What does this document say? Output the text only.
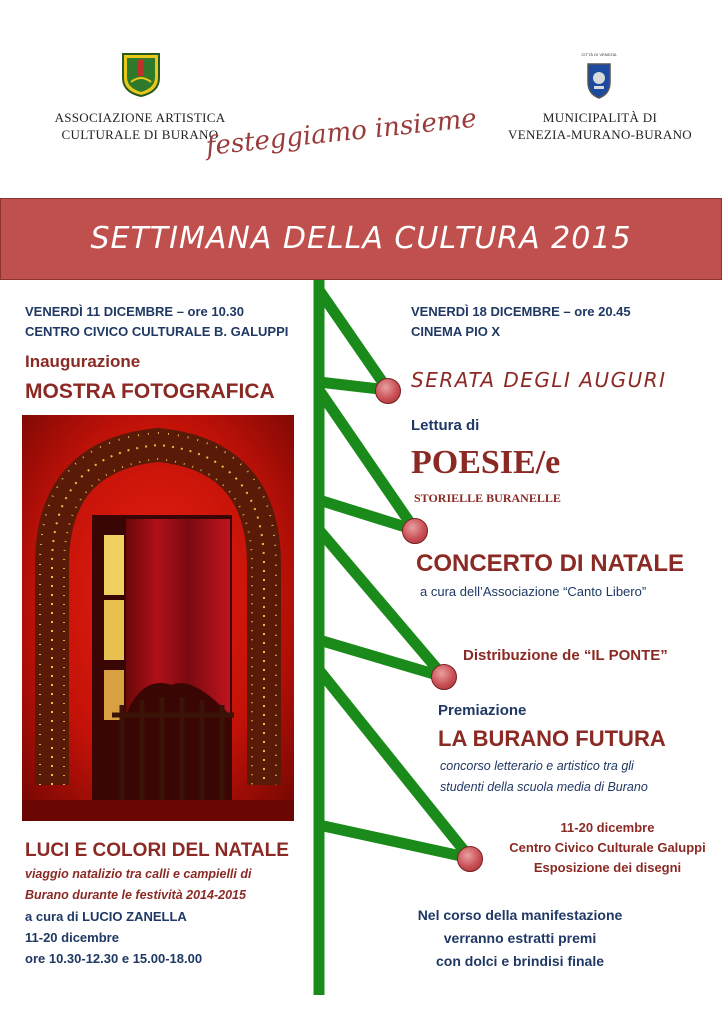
ASSOCIAZIONE ARTISTICA
CULTURALE DI BURANO
CITTÀ DI VENEZIA
MUNICIPALITÀ DI
VENEZIA-MURANO-BURANO
festeggiamo insieme
SETTIMANA DELLA CULTURA 2015
VENERDÌ 11 DICEMBRE – ore 10.30
CENTRO CIVICO CULTURALE B. GALUPPI
Inaugurazione
MOSTRA FOTOGRAFICA
LUCI E COLORI DEL NATALE
viaggio natalizio tra calli e campielli di
Burano durante le festività 2014-2015
a cura di LUCIO ZANELLA
11-20 dicembre
ore 10.30-12.30 e 15.00-18.00
VENERDÌ 18 DICEMBRE – ore 20.45
CINEMA PIO X
SERATA DEGLI AUGURI
Lettura di
POESIE/e
STORIELLE BURANELLE
CONCERTO DI NATALE
a cura dell’Associazione “Canto Libero”
Distribuzione de “IL PONTE”
Premiazione
LA BURANO FUTURA
concorso letterario e artistico tra gli
studenti della scuola media di Burano
11-20 dicembre
Centro Civico Culturale Galuppi
Esposizione dei disegni
Nel corso della manifestazione
verranno estratti premi
con dolci e brindisi finale
